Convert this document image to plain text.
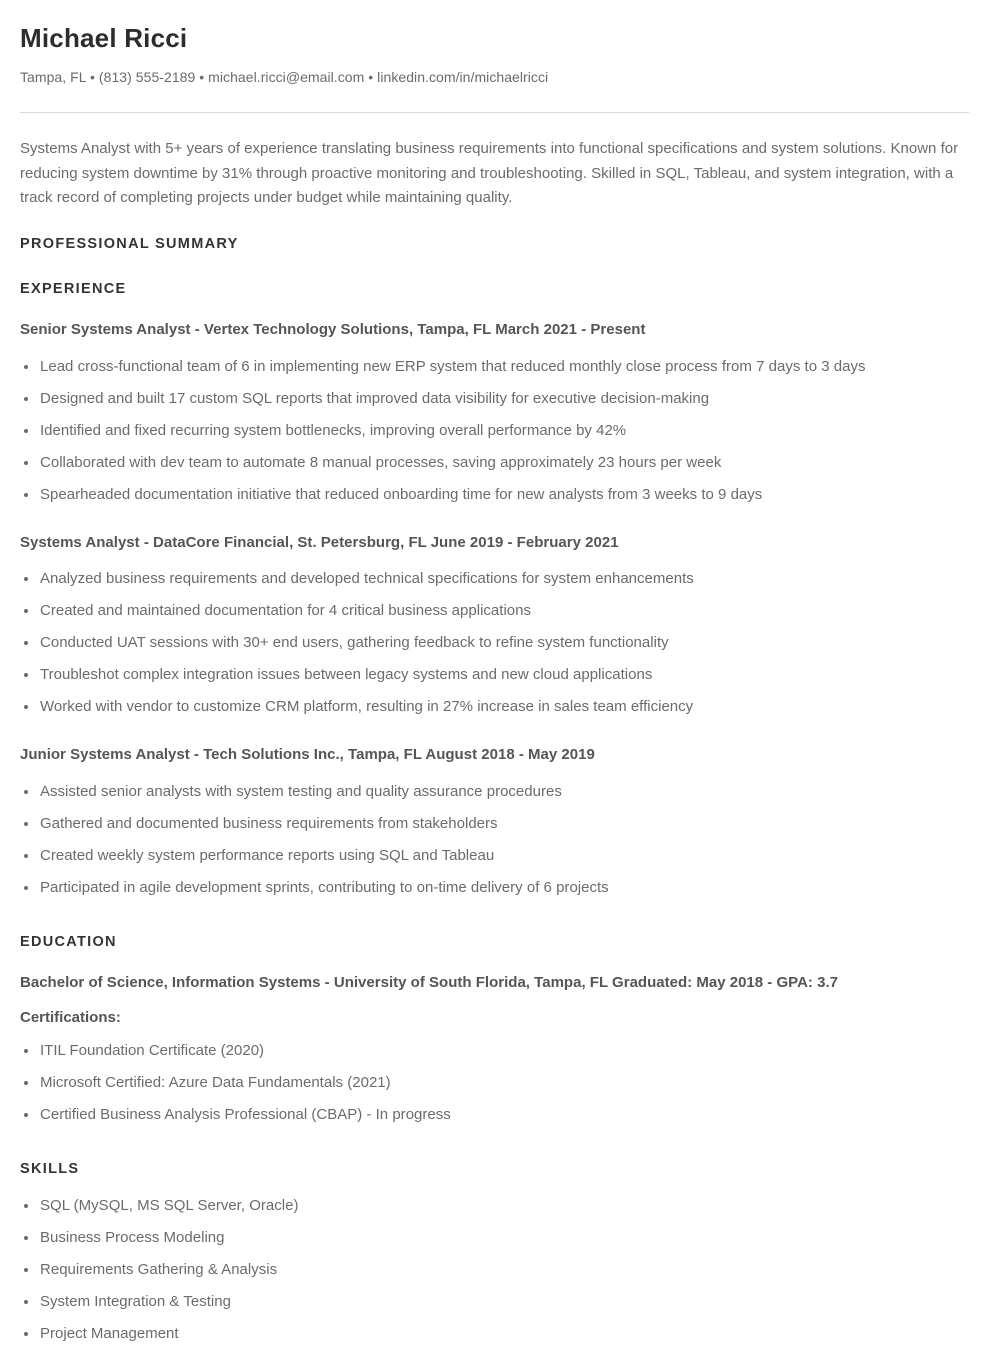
Michael Ricci
Tampa, FL • (813) 555-2189 • michael.ricci@email.com • linkedin.com/in/michaelricci

Systems Analyst with 5+ years of experience translating business requirements into functional specifications and system solutions. Known for reducing system downtime by 31% through proactive monitoring and troubleshooting. Skilled in SQL, Tableau, and system integration, with a track record of completing projects under budget while maintaining quality.

PROFESSIONAL SUMMARY
EXPERIENCE
Senior Systems Analyst - Vertex Technology Solutions, Tampa, FL March 2021 - Present
Lead cross-functional team of 6 in implementing new ERP system that reduced monthly close process from 7 days to 3 days
Designed and built 17 custom SQL reports that improved data visibility for executive decision-making
Identified and fixed recurring system bottlenecks, improving overall performance by 42%
Collaborated with dev team to automate 8 manual processes, saving approximately 23 hours per week
Spearheaded documentation initiative that reduced onboarding time for new analysts from 3 weeks to 9 days
Systems Analyst - DataCore Financial, St. Petersburg, FL June 2019 - February 2021
Analyzed business requirements and developed technical specifications for system enhancements
Created and maintained documentation for 4 critical business applications
Conducted UAT sessions with 30+ end users, gathering feedback to refine system functionality
Troubleshot complex integration issues between legacy systems and new cloud applications
Worked with vendor to customize CRM platform, resulting in 27% increase in sales team efficiency
Junior Systems Analyst - Tech Solutions Inc., Tampa, FL August 2018 - May 2019
Assisted senior analysts with system testing and quality assurance procedures
Gathered and documented business requirements from stakeholders
Created weekly system performance reports using SQL and Tableau
Participated in agile development sprints, contributing to on-time delivery of 6 projects
EDUCATION
Bachelor of Science, Information Systems - University of South Florida, Tampa, FL Graduated: May 2018 - GPA: 3.7
Certifications:
ITIL Foundation Certificate (2020)
Microsoft Certified: Azure Data Fundamentals (2021)
Certified Business Analysis Professional (CBAP) - In progress
SKILLS
SQL (MySQL, MS SQL Server, Oracle)
Business Process Modeling
Requirements Gathering & Analysis
System Integration & Testing
Project Management
